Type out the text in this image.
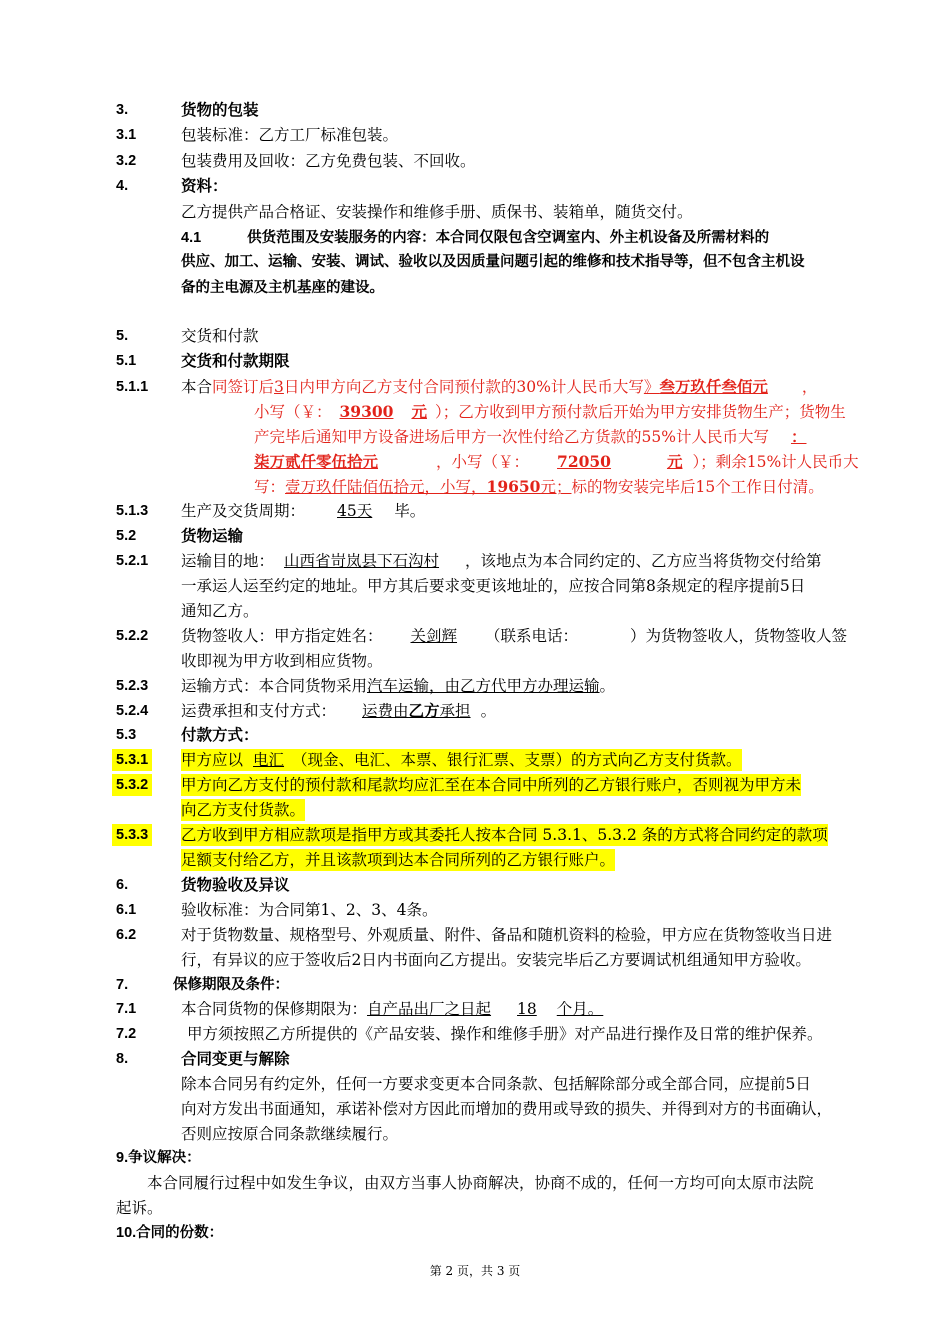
3.	货物的包装
3.1	包装标准：乙方工厂标准包装。
3.2	包装费用及回收：乙方免费包装、不回收。
4.	资料：
乙方提供产品合格证、安装操作和维修手册、质保书、装箱单，随货交付。
4.1	供货范围及安装服务的内容：本合同仅限包含空调室内、外主机设备及所需材料的
供应、加工、运输、安装、调试、验收以及因质量问题引起的维修和技术指导等，但不包含主机设
备的主电源及主机基座的建设。
5.	交货和付款
5.1	交货和付款期限
5.1.1 本合同签订后3日内甲方向乙方支付合同预付款的30%计人民币大写》叁万玖仟叁佰元 ，
小写（￥： 39300 元 ）；乙方收到甲方预付款后开始为甲方安排货物生产；货物生
产完毕后通知甲方设备进场后甲方一次性付给乙方货款的55%计人民币大写 ：
柒万贰仟零伍拾元	，小写（￥： 72050	元 ）；剩余15%计人民币大
写：壹万玖仟陆佰伍拾元，小写，19650元；标的物安装完毕后15个工作日付清。
5.1.3 生产及交货周期： 45天 毕。
5.2	货物运输
5.2.1 运输目的地： 山西省岢岚县下石沟村 ，该地点为本合同约定的、乙方应当将货物交付给第
一承运人运至约定的地址。甲方其后要求变更该地址的，应按合同第8条规定的程序提前5日
通知乙方。
5.2.2 货物签收人：甲方指定姓名： 关剑辉 （联系电话：	）为货物签收人，货物签收人签
收即视为甲方收到相应货物。
5.2.3 运输方式：本合同货物采用汽车运输，由乙方代甲方办理运输。
5.2.4 运费承担和支付方式： 运费由乙方承担 。
5.3	付款方式：
5.3.1 甲方应以 电汇 （现金、电汇、本票、银行汇票、支票）的方式向乙方支付货款。
5.3.2 甲方向乙方支付的预付款和尾款均应汇至在本合同中所列的乙方银行账户，否则视为甲方未
向乙方支付货款。
5.3.3 乙方收到甲方相应款项是指甲方或其委托人按本合同 5.3.1、5.3.2 条的方式将合同约定的款项
足额支付给乙方，并且该款项到达本合同所列的乙方银行账户。
6.	货物验收及异议
6.1	验收标准：为合同第1、2、3、4条。
6.2	对于货物数量、规格型号、外观质量、附件、备品和随机资料的检验，甲方应在货物签收当日进
行，有异议的应于签收后2日内书面向乙方提出。安装完毕后乙方要调试机组通知甲方验收。
7.	保修期限及条件：
7.1	本合同货物的保修期限为：自产品出厂之日起 18 个月。
7.2	甲方须按照乙方所提供的《产品安装、操作和维修手册》对产品进行操作及日常的维护保养。
8.	合同变更与解除
除本合同另有约定外，任何一方要求变更本合同条款、包括解除部分或全部合同，应提前5日
向对方发出书面通知，承诺补偿对方因此而增加的费用或导致的损失、并得到对方的书面确认，
否则应按原合同条款继续履行。
9.争议解决：
本合同履行过程中如发生争议，由双方当事人协商解决，协商不成的，任何一方均可向太原市法院
起诉。
10.合同的份数：
第 2 页，共 3 页
